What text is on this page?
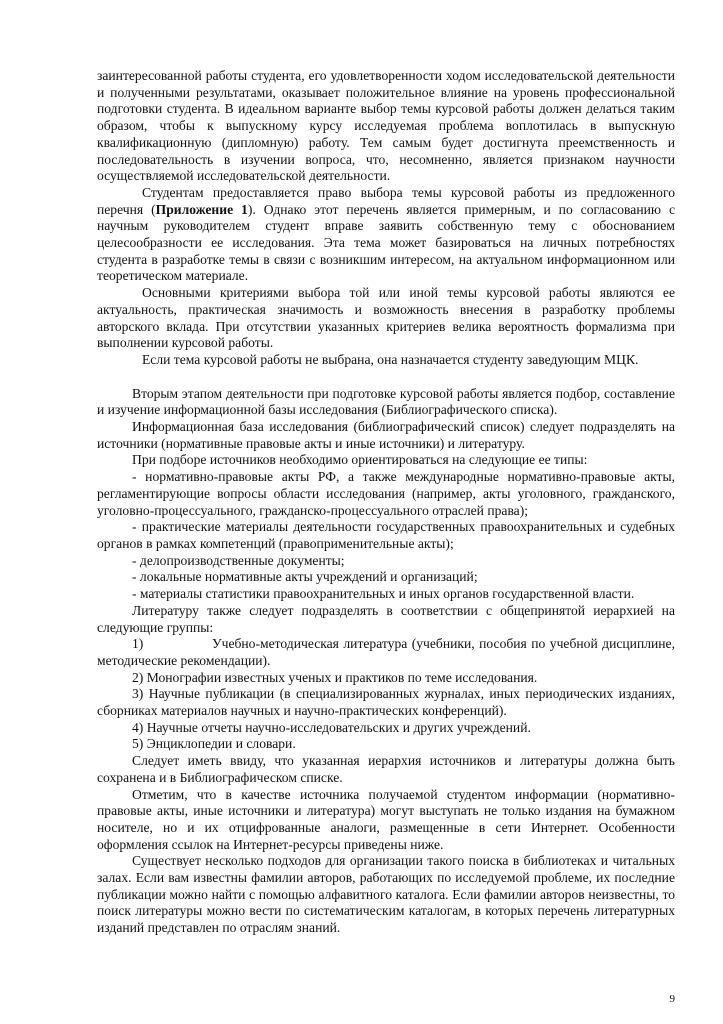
заинтересованной работы студента, его удовлетворенности ходом исследовательской деятельности и полученными результатами, оказывает положительное влияние на уровень профессиональной подготовки студента. В идеальном варианте выбор темы курсовой работы должен делаться таким образом, чтобы к выпускному курсу исследуемая проблема воплотилась в выпускную квалификационную (дипломную) работу. Тем самым будет достигнута преемственность и последовательность в изучении вопроса, что, несомненно, является признаком научности осуществляемой исследовательской деятельности.

Студентам предоставляется право выбора темы курсовой работы из предложенного перечня (Приложение 1). Однако этот перечень является примерным, и по согласованию с научным руководителем студент вправе заявить собственную тему с обоснованием целесообразности ее исследования. Эта тема может базироваться на личных потребностях студента в разработке темы в связи с возникшим интересом, на актуальном информационном или теоретическом материале.

Основными критериями выбора той или иной темы курсовой работы являются ее актуальность, практическая значимость и возможность внесения в разработку проблемы авторского вклада. При отсутствии указанных критериев велика вероятность формализма при выполнении курсовой работы.

Если тема курсовой работы не выбрана, она назначается студенту заведующим МЦК.

Вторым этапом деятельности при подготовке курсовой работы является подбор, составление и изучение информационной базы исследования (Библиографического списка).

Информационная база исследования (библиографический список) следует подразделять на источники (нормативные правовые акты и иные источники) и литературу.

При подборе источников необходимо ориентироваться на следующие ее типы:

- нормативно-правовые акты РФ, а также международные нормативно-правовые акты, регламентирующие вопросы области исследования (например, акты уголовного, гражданского, уголовно-процессуального, гражданско-процессуального отраслей права);

- практические материалы деятельности государственных правоохранительных и судебных органов в рамках компетенций (правоприменительные акты);

- делопроизводственные документы;

- локальные нормативные акты учреждений и организаций;

- материалы статистики правоохранительных и иных органов государственной власти.

Литературу также следует подразделять в соответствии с общепринятой иерархией на следующие группы:

1)	Учебно-методическая литература (учебники, пособия по учебной дисциплине, методические рекомендации).

2) Монографии известных ученых и практиков по теме исследования.

3) Научные публикации (в специализированных журналах, иных периодических изданиях, сборниках материалов научных и научно-практических конференций).

4) Научные отчеты научно-исследовательских и других учреждений.

5) Энциклопедии и словари.

Следует иметь ввиду, что указанная иерархия источников и литературы должна быть сохранена и в Библиографическом списке.

Отметим, что в качестве источника получаемой студентом информации (нормативно-правовые акты, иные источники и литература) могут выступать не только издания на бумажном носителе, но и их отцифрованные аналоги, размещенные в сети Интернет. Особенности оформления ссылок на Интернет-ресурсы приведены ниже.

Существует несколько подходов для организации такого поиска в библиотеках и читальных залах. Если вам известны фамилии авторов, работающих по исследуемой проблеме, их последние публикации можно найти с помощью алфавитного каталога. Если фамилии авторов неизвестны, то поиск литературы можно вести по систематическим каталогам, в которых перечень литературных изданий представлен по отраслям знаний.

9
